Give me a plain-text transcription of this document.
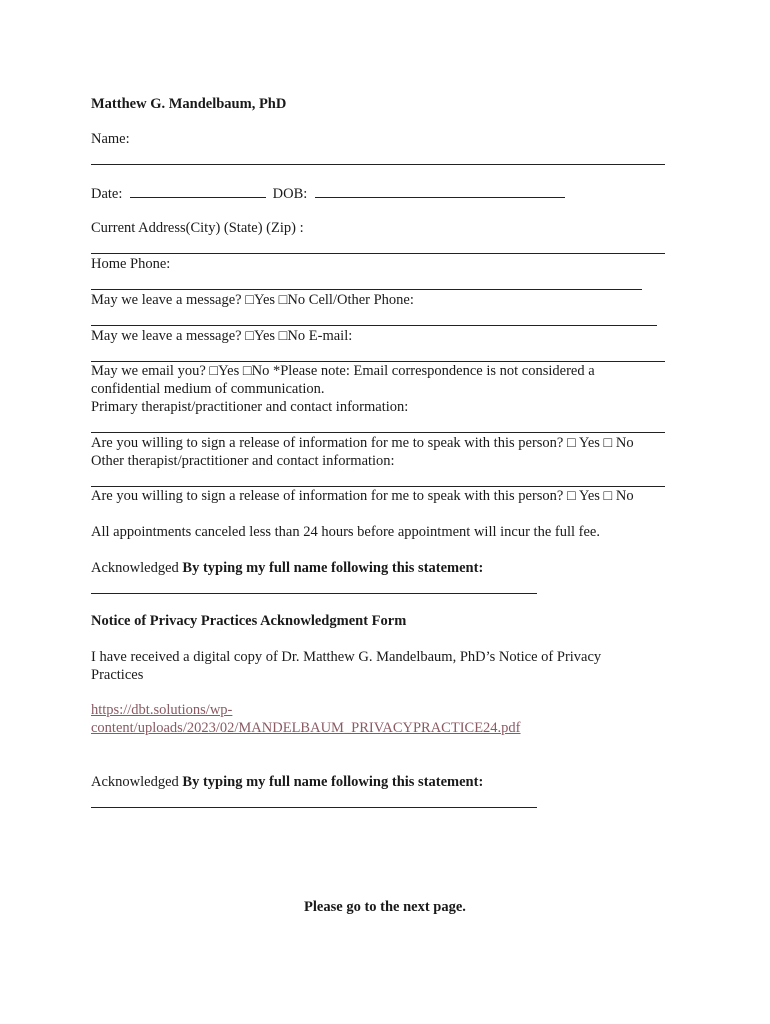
Matthew G. Mandelbaum, PhD
Name:
Date:	DOB:
Current Address(City) (State) (Zip) :
Home Phone:
May we leave a message? □Yes □No Cell/Other Phone:
May we leave a message? □Yes □No E-mail:
May we email you? □Yes □No *Please note: Email correspondence is not considered a
confidential medium of communication.
Primary therapist/practitioner and contact information:
Are you willing to sign a release of information for me to speak with this person? □ Yes □ No
Other therapist/practitioner and contact information:
Are you willing to sign a release of information for me to speak with this person? □ Yes □ No
All appointments canceled less than 24 hours before appointment will incur the full fee.
Acknowledged By typing my full name following this statement:
Notice of Privacy Practices Acknowledgment Form
I have received a digital copy of Dr. Matthew G. Mandelbaum, PhD’s Notice of Privacy
Practices
https://dbt.solutions/wp-
content/uploads/2023/02/MANDELBAUM_PRIVACYPRACTICE24.pdf
Acknowledged By typing my full name following this statement:
Please go to the next page.
